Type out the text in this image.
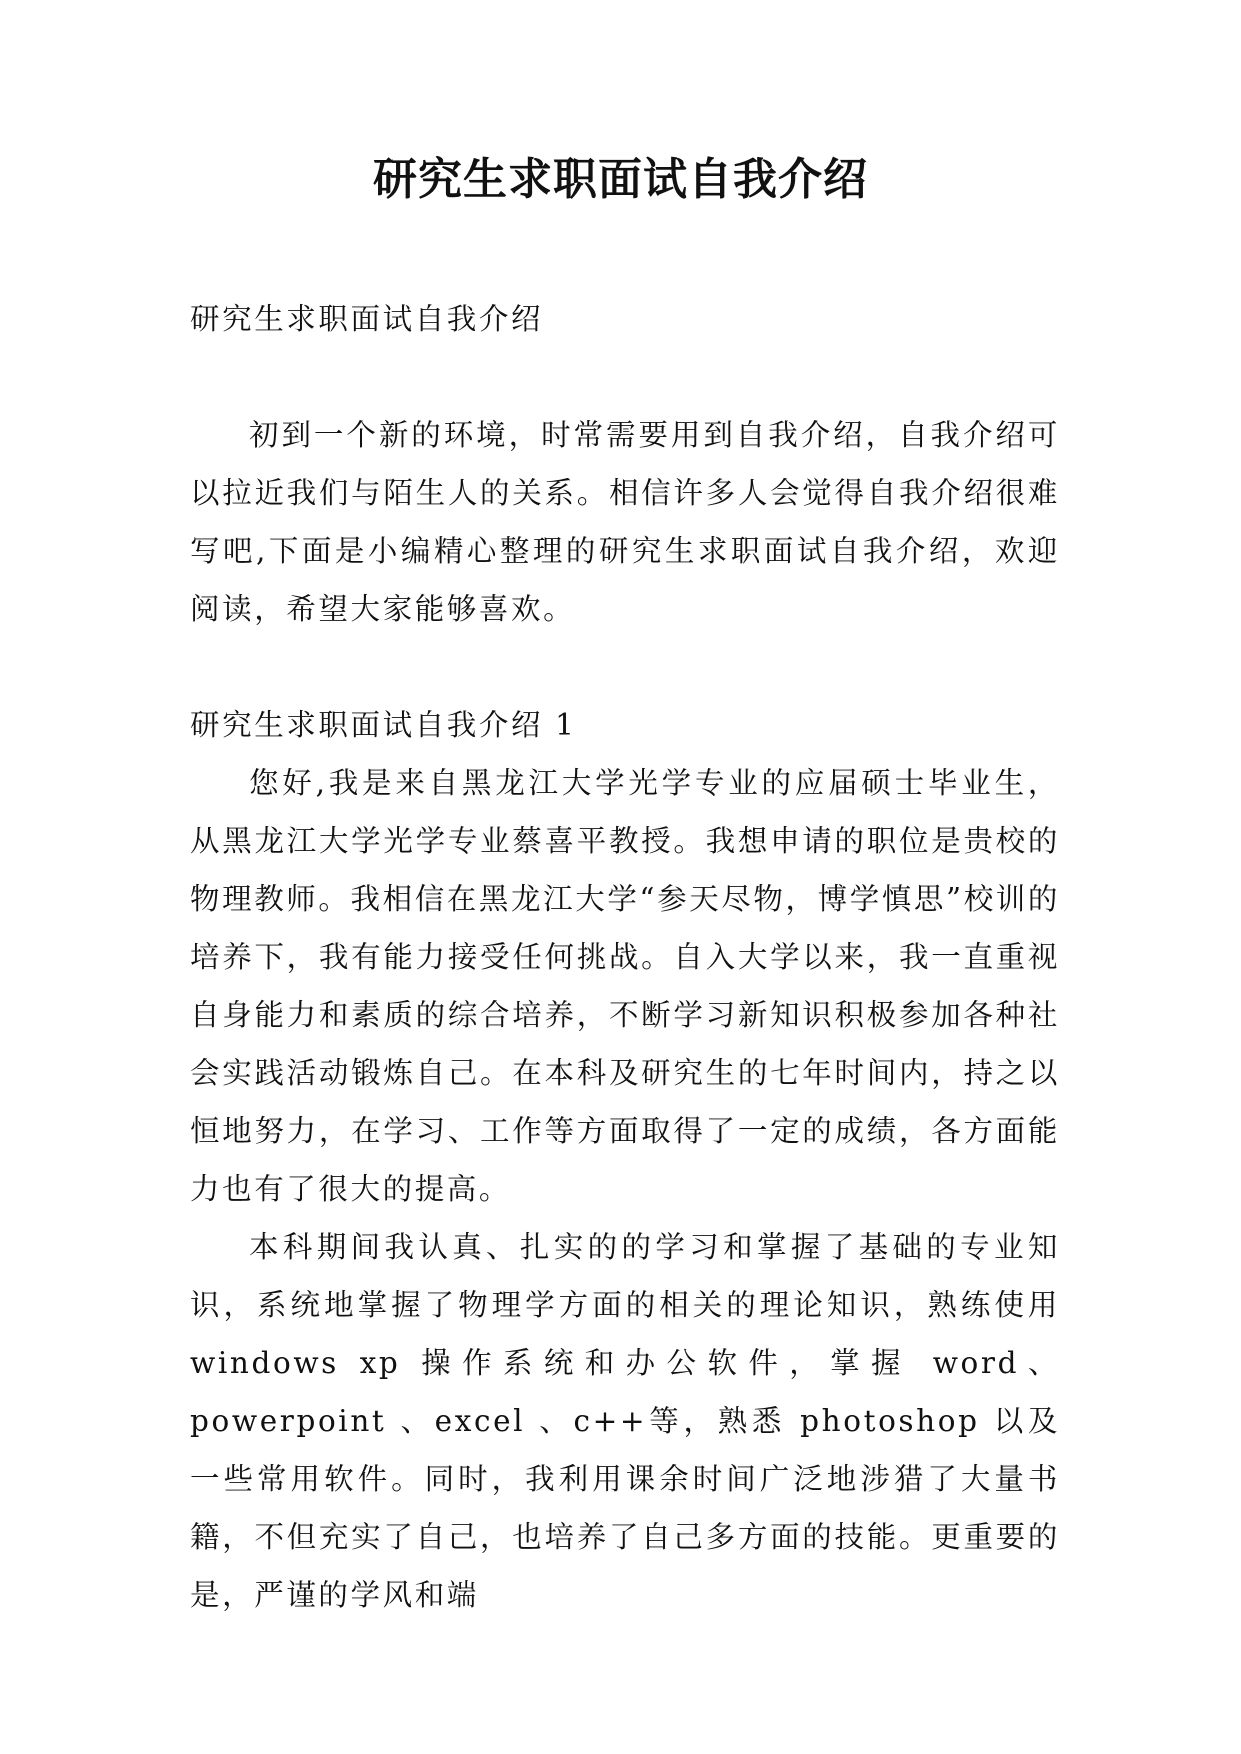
研究生求职面试自我介绍

研究生求职面试自我介绍

初到一个新的环境，时常需要用到自我介绍，自我介绍可以拉近我们与陌生人的关系。相信许多人会觉得自我介绍很难写吧,下面是小编精心整理的研究生求职面试自我介绍，欢迎阅读，希望大家能够喜欢。

研究生求职面试自我介绍 1

您好,我是来自黑龙江大学光学专业的应届硕士毕业生，从黑龙江大学光学专业蔡喜平教授。我想申请的职位是贵校的物理教师。我相信在黑龙江大学“参天尽物，博学慎思”校训的培养下，我有能力接受任何挑战。自入大学以来，我一直重视自身能力和素质的综合培养，不断学习新知识积极参加各种社会实践活动锻炼自己。在本科及研究生的七年时间内，持之以恒地努力，在学习、工作等方面取得了一定的成绩，各方面能力也有了很大的提高。

本科期间我认真、扎实的的学习和掌握了基础的专业知识，系统地掌握了物理学方面的相关的理论知识，熟练使用 windows xp 操作系统和办公软件，掌握 word、powerpoint 、excel 、c++等，熟悉 photoshop 以及一些常用软件。同时，我利用课余时间广泛地涉猎了大量书籍，不但充实了自己，也培养了自己多方面的技能。更重要的是，严谨的学风和端
